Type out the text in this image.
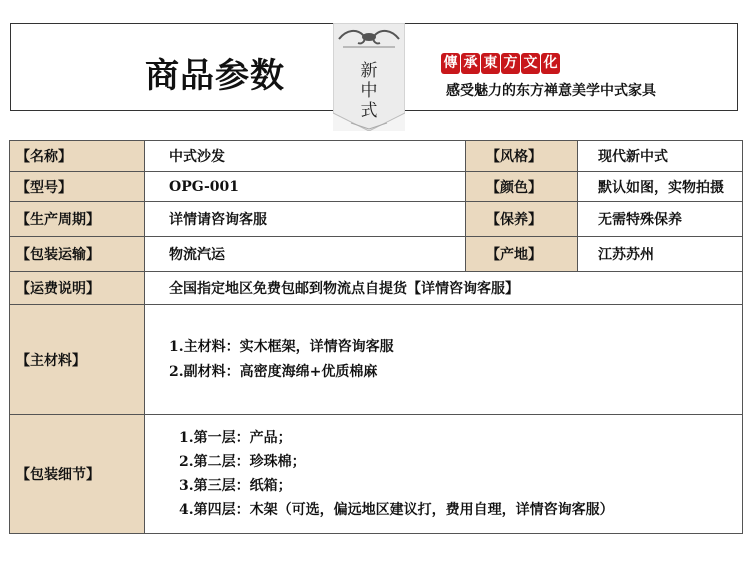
商品参数	新
中
式
傳 承 東 方 文 化
感受魅力的东方禅意美学中式家具
【名称】	中式沙发	【风格】	现代新中式
【型号】	OPG-001	【颜色】	默认如图，实物拍摄
【生产周期】	详情请咨询客服	【保养】	无需特殊保养
【包装运输】	物流汽运	【产地】	江苏苏州
【运费说明】	全国指定地区免费包邮到物流点自提货【详情咨询客服】		
【主材料】	1.主材料：实木框架，详情咨询客服
2.副材料：高密度海绵+优质棉麻		

【包装细节】	1.第一层：产品；
2.第二层：珍珠棉；
3.第三层：纸箱；
4.第四层：木架（可选，偏远地区建议打，费用自理，详情咨询客服）		
